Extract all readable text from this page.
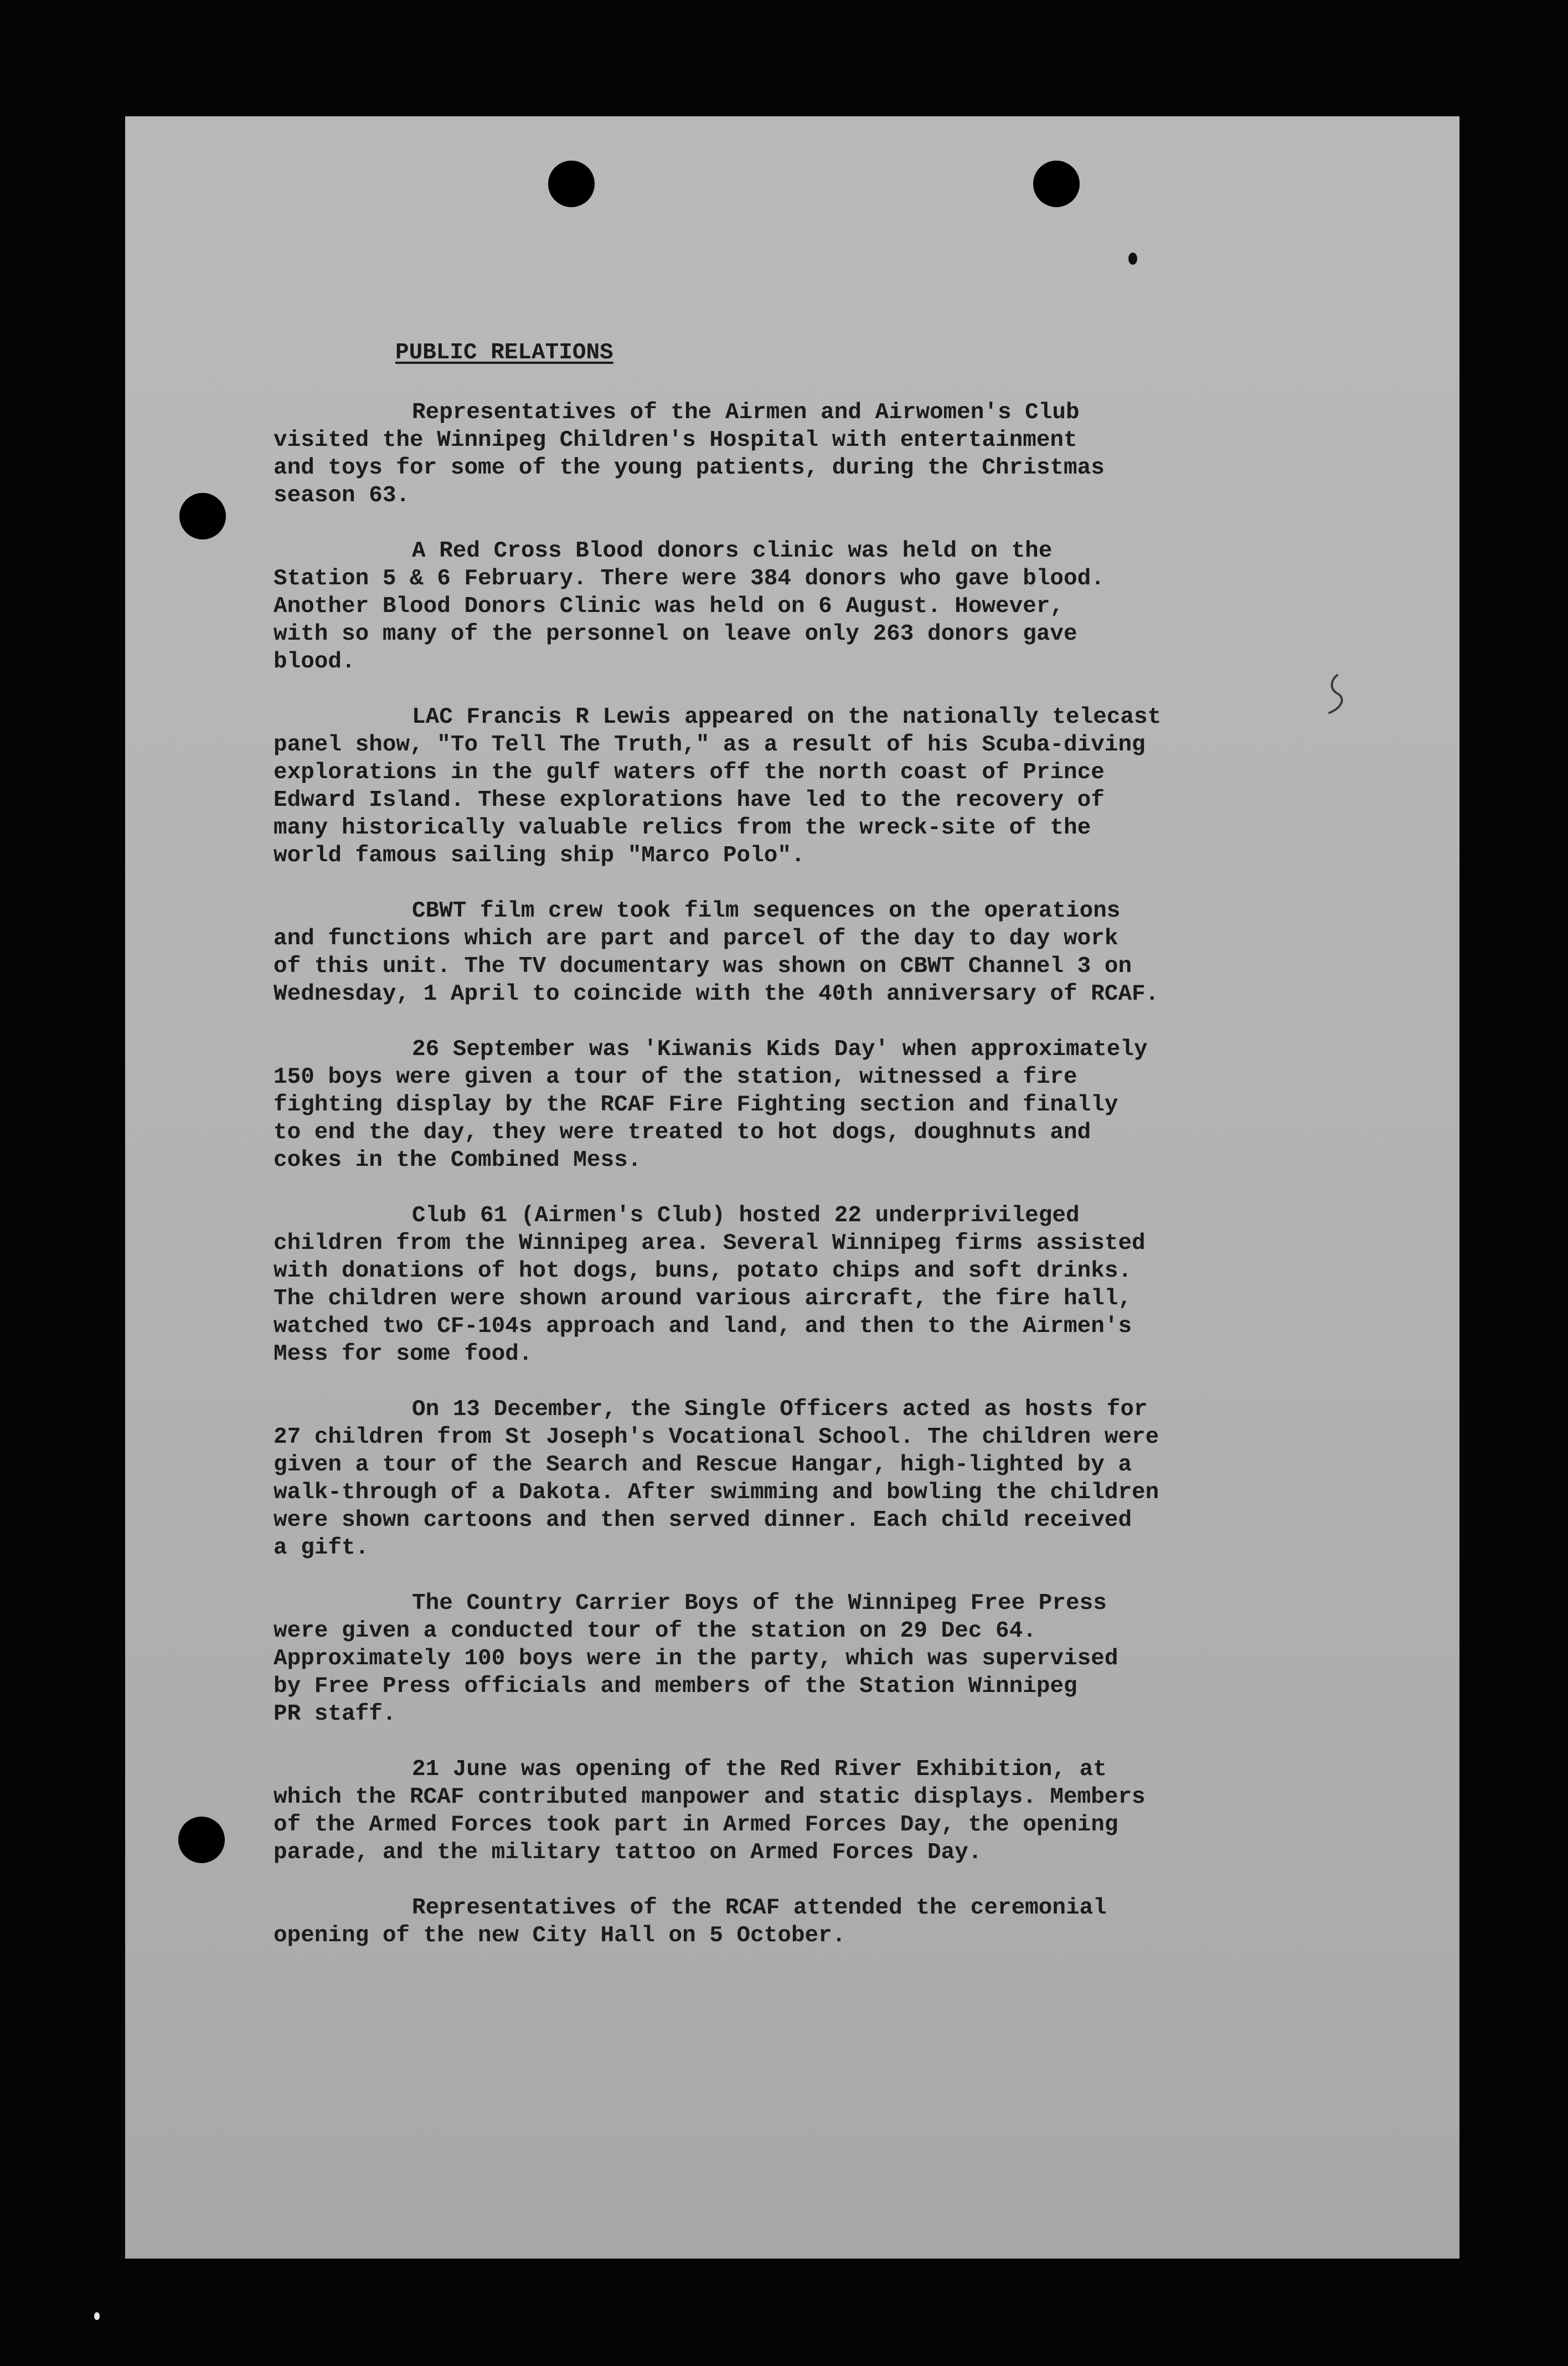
PUBLIC RELATIONS

Representatives of the Airmen and Airwomen's Club
visited the Winnipeg Children's Hospital with entertainment
and toys for some of the young patients, during the Christmas
season 63.

A Red Cross Blood donors clinic was held on the
Station 5 & 6 February. There were 384 donors who gave blood.
Another Blood Donors Clinic was held on 6 August. However,
with so many of the personnel on leave only 263 donors gave
blood.

LAC Francis R Lewis appeared on the nationally telecast
panel show, "To Tell The Truth," as a result of his Scuba-diving
explorations in the gulf waters off the north coast of Prince
Edward Island. These explorations have led to the recovery of
many historically valuable relics from the wreck-site of the
world famous sailing ship "Marco Polo".

CBWT film crew took film sequences on the operations
and functions which are part and parcel of the day to day work
of this unit. The TV documentary was shown on CBWT Channel 3 on
Wednesday, 1 April to coincide with the 40th anniversary of RCAF.

26 September was 'Kiwanis Kids Day' when approximately
150 boys were given a tour of the station, witnessed a fire
fighting display by the RCAF Fire Fighting section and finally
to end the day, they were treated to hot dogs, doughnuts and
cokes in the Combined Mess.

Club 61 (Airmen's Club) hosted 22 underprivileged
children from the Winnipeg area. Several Winnipeg firms assisted
with donations of hot dogs, buns, potato chips and soft drinks.
The children were shown around various aircraft, the fire hall,
watched two CF-104s approach and land, and then to the Airmen's
Mess for some food.

On 13 December, the Single Officers acted as hosts for
27 children from St Joseph's Vocational School. The children were
given a tour of the Search and Rescue Hangar, high-lighted by a
walk-through of a Dakota. After swimming and bowling the children
were shown cartoons and then served dinner. Each child received
a gift.

The Country Carrier Boys of the Winnipeg Free Press
were given a conducted tour of the station on 29 Dec 64.
Approximately 100 boys were in the party, which was supervised
by Free Press officials and members of the Station Winnipeg
PR staff.

21 June was opening of the Red River Exhibition, at
which the RCAF contributed manpower and static displays. Members
of the Armed Forces took part in Armed Forces Day, the opening
parade, and the military tattoo on Armed Forces Day.

Representatives of the RCAF attended the ceremonial
opening of the new City Hall on 5 October.
